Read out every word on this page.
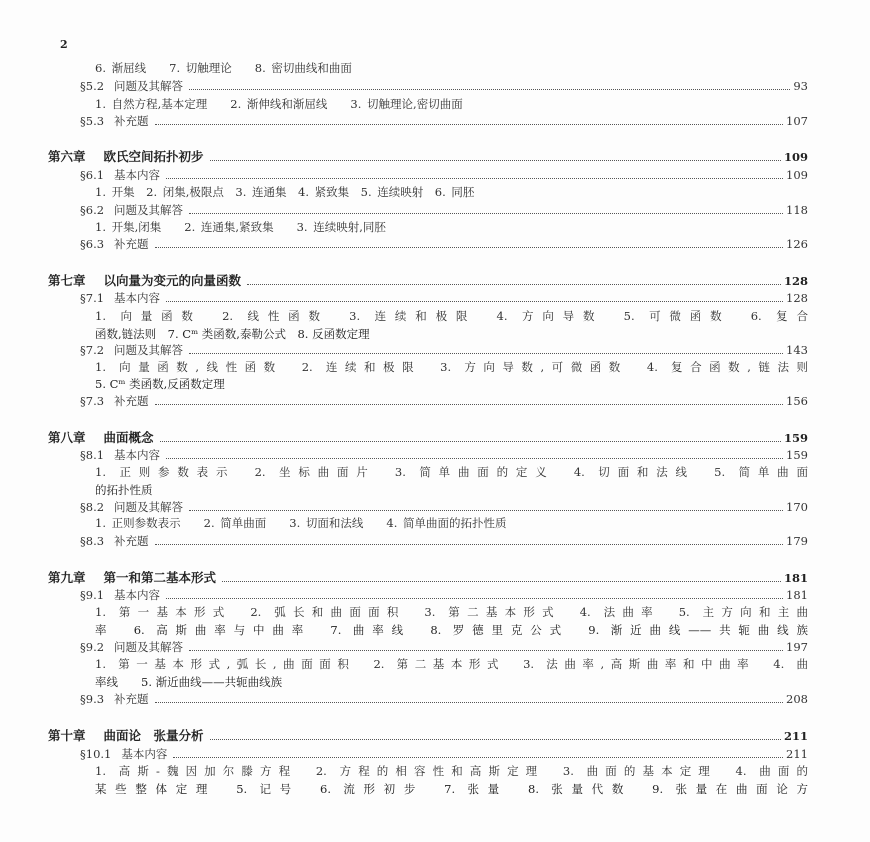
2
6. 渐屈线　　7. 切触理论　　8. 密切曲线和曲面
§5.2 问题及其解答	93
1. 自然方程,基本定理　　2. 渐伸线和渐屈线　　3. 切触理论,密切曲面
§5.3 补充题	107
第六章 欧氏空间拓扑初步	109
§6.1 基本内容	109
1. 开集　2. 闭集,极限点　3. 连通集　4. 紧致集　5. 连续映射　6. 同胚
§6.2 问题及其解答	118
1. 开集,闭集　　2. 连通集,紧致集　　3. 连续映射,同胚
§6.3 补充题	126
第七章 以向量为变元的向量函数	128
§7.1 基本内容	128
1. 向量函数　2. 线性函数　3. 连续和极限　4. 方向导数　5. 可微函数　6. 复合
函数,链法则　7. Cᵐ 类函数,泰勒公式　8. 反函数定理
§7.2 问题及其解答	143
1. 向量函数,线性函数　2. 连续和极限　3. 方向导数,可微函数　4. 复合函数,链法则
5. Cᵐ 类函数,反函数定理
§7.3 补充题	156
第八章 曲面概念	159
§8.1 基本内容	159
1. 正则参数表示　2. 坐标曲面片　3. 简单曲面的定义　4. 切面和法线　5. 简单曲面
的拓扑性质
§8.2 问题及其解答	170
1. 正则参数表示　　2. 简单曲面　　3. 切面和法线　　4. 简单曲面的拓扑性质
§8.3 补充题	179
第九章 第一和第二基本形式	181
§9.1 基本内容	181
1. 第一基本形式　2. 弧长和曲面面积　3. 第二基本形式　4. 法曲率　5. 主方向和主曲
率　6. 高斯曲率与中曲率　7. 曲率线　8. 罗德里克公式　9. 渐近曲线——共轭曲线族
§9.2 问题及其解答	197
1. 第一基本形式,弧长,曲面面积　2. 第二基本形式　3. 法曲率,高斯曲率和中曲率　4. 曲
率线　　5. 渐近曲线——共轭曲线族
§9.3 补充题	208
第十章 曲面论　张量分析	211
§10.1 基本内容	211
1. 高斯-魏因加尔滕方程　2. 方程的相容性和高斯定理　3. 曲面的基本定理　4. 曲面的
某些整体定理　5. 记号　6. 流形初步　7. 张量　8. 张量代数　9. 张量在曲面论方
